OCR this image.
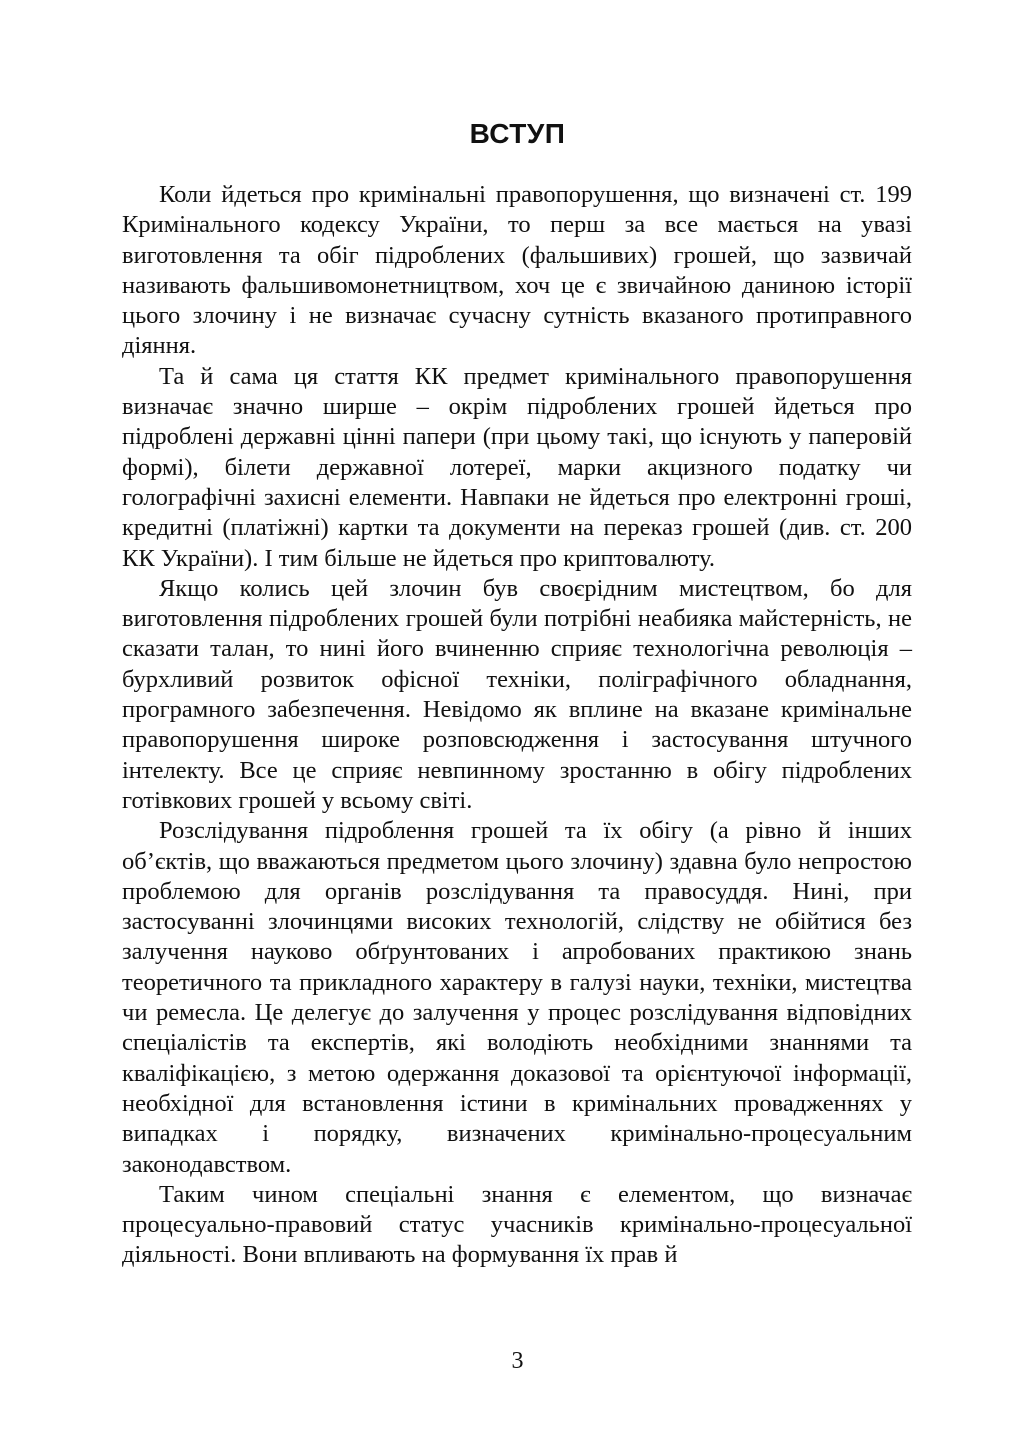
ВСТУП

Коли йдеться про кримінальні правопорушення, що визначені ст. 199 Кримінального кодексу України, то перш за все мається на увазі виготовлення та обіг підроблених (фальшивих) грошей, що зазвичай називають фальшивомонетництвом, хоч це є звичайною даниною історії цього злочину і не визначає сучасну сутність вказаного протиправного діяння.

Та й сама ця стаття КК предмет кримінального правопорушення визначає значно ширше – окрім підроблених грошей йдеться про підроблені державні цінні папери (при цьому такі, що існують у паперовій формі), білети державної лотереї, марки акцизного податку чи голографічні захисні елементи. Навпаки не йдеться про електронні гроші, кредитні (платіжні) картки та документи на переказ грошей (див. ст. 200 КК України). І тим більше не йдеться про криптовалюту.

Якщо колись цей злочин був своєрідним мистецтвом, бо для виготовлення підроблених грошей були потрібні неабияка майстерність, не сказати талан, то нині його вчиненню сприяє технологічна революція – бурхливий розвиток офісної техніки, поліграфічного обладнання, програмного забезпечення. Невідомо як вплине на вказане кримінальне правопорушення широке розповсюдження і застосування штучного інтелекту. Все це сприяє невпинному зростанню в обігу підроблених готівкових грошей у всьому світі.

Розслідування підроблення грошей та їх обігу (а рівно й інших об’єктів, що вважаються предметом цього злочину) здавна було непростою проблемою для органів розслідування та правосуддя. Нині, при застосуванні злочинцями високих технологій, слідству не обійтися без залучення науково обґрунтованих і апробованих практикою знань теоретичного та прикладного характеру в галузі науки, техніки, мистецтва чи ремесла. Це делегує до залучення у процес розслідування відповідних спеціалістів та експертів, які володіють необхідними знаннями та кваліфікацією, з метою одержання доказової та орієнтуючої інформації, необхідної для встановлення істини в кримінальних провадженнях у випадках і порядку, визначених кримінально-процесуальним законодавством.

Таким чином спеціальні знання є елементом, що визначає процесуально-правовий статус учасників кримінально-процесуальної діяльності. Вони впливають на формування їх прав й

3
